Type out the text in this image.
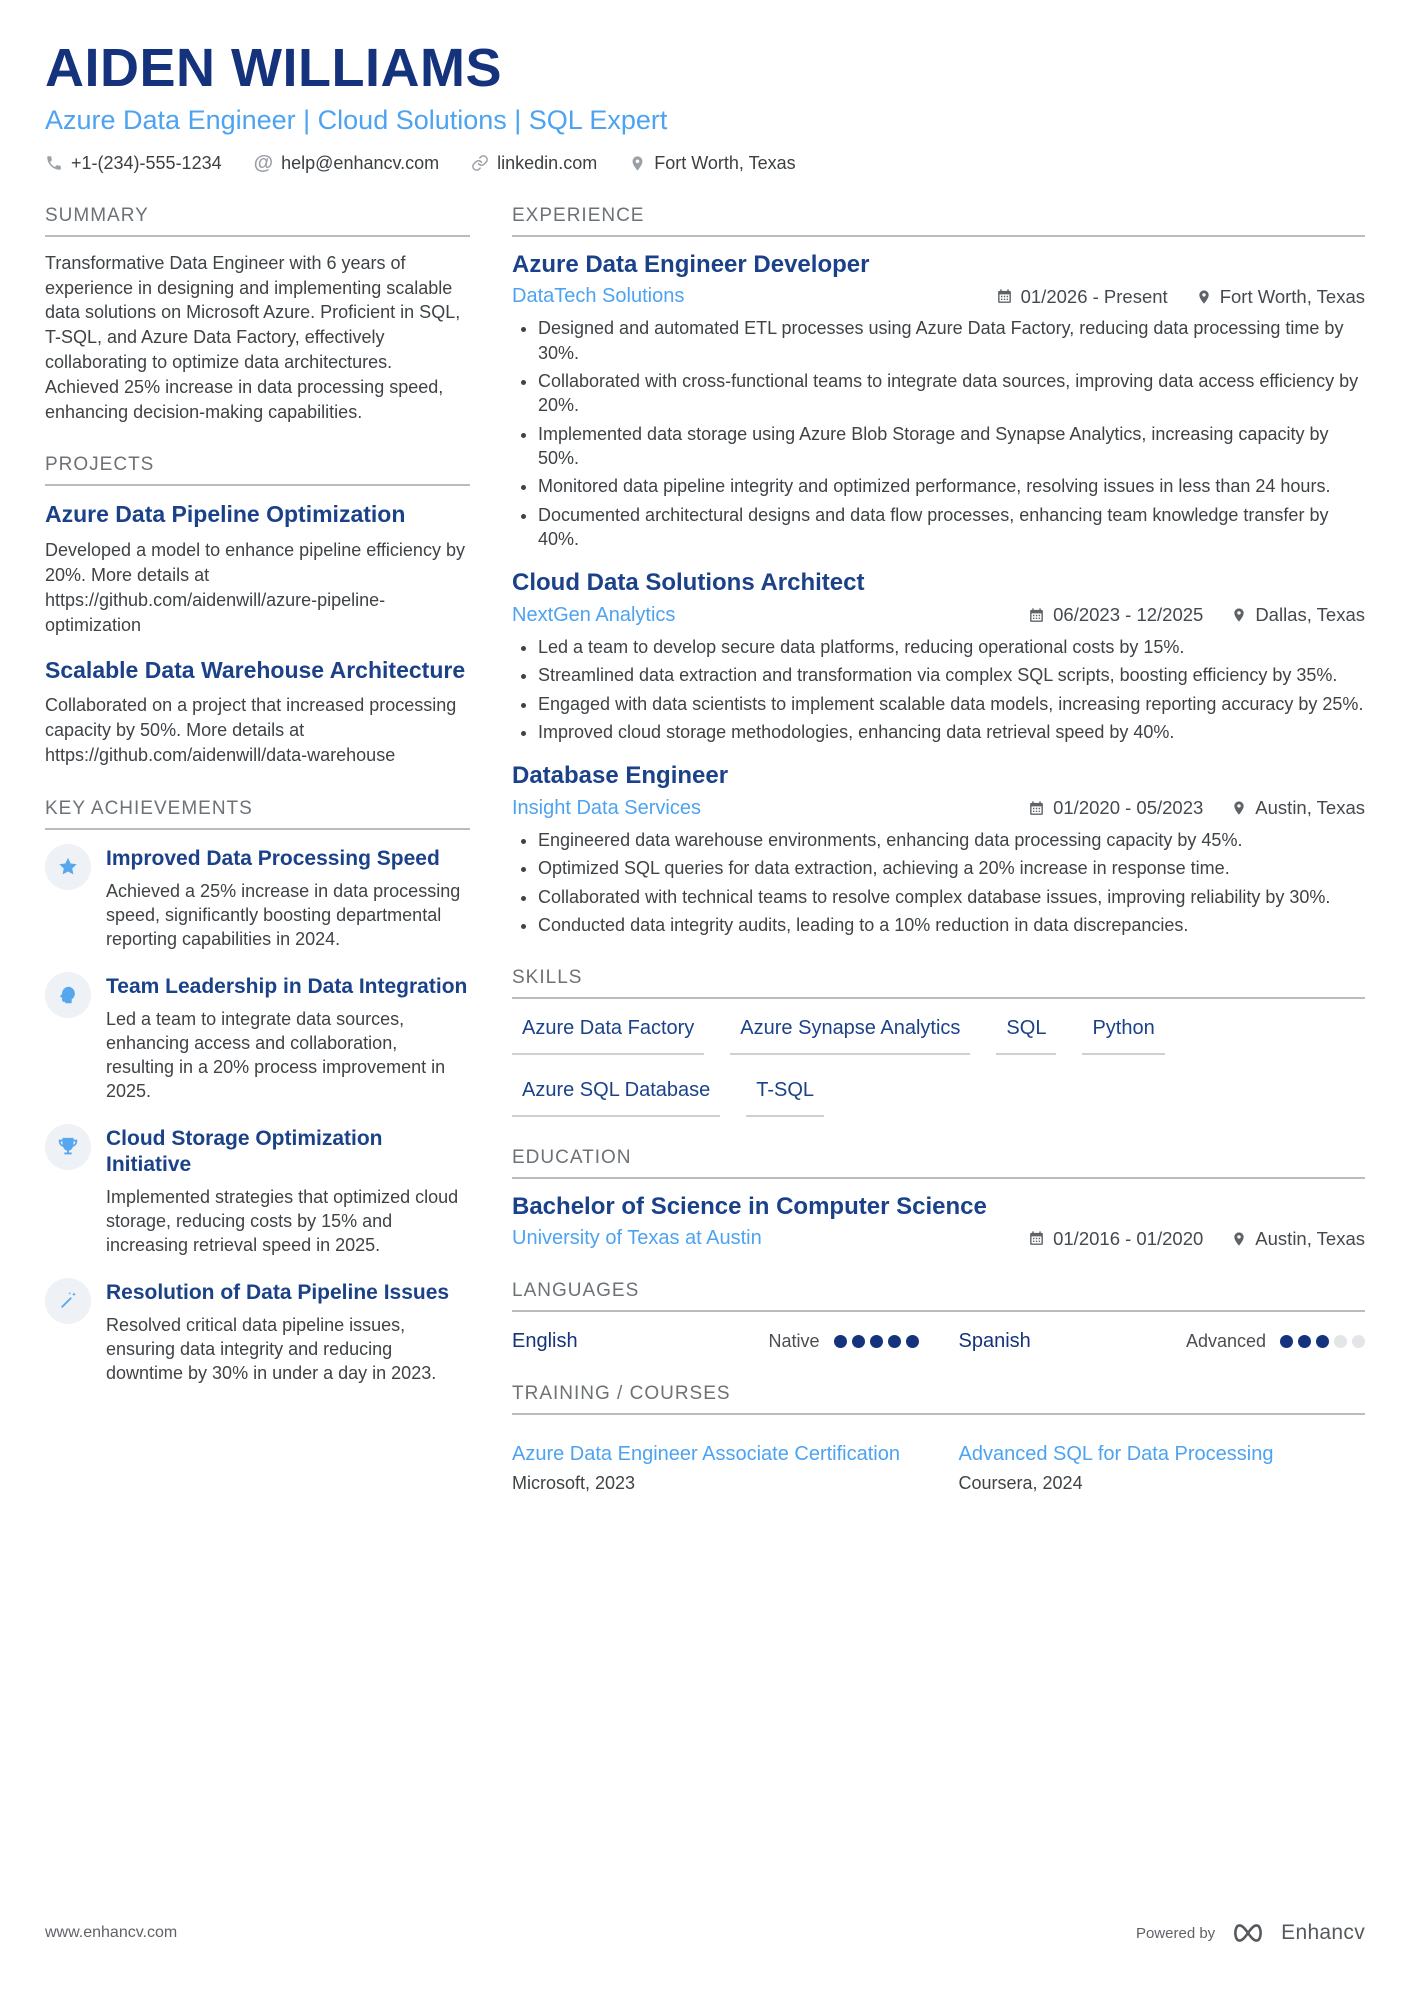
AIDEN WILLIAMS
Azure Data Engineer | Cloud Solutions | SQL Expert
+1-(234)-555-1234 @ help@enhancv.com	linkedin.com	Fort Worth, Texas
SUMMARY
Transformative Data Engineer with 6 years of experience in designing and implementing scalable data solutions on Microsoft Azure. Proficient in SQL, T-SQL, and Azure Data Factory, effectively collaborating to optimize data architectures. Achieved 25% increase in data processing speed, enhancing decision-making capabilities.
PROJECTS
Azure Data Pipeline Optimization
Developed a model to enhance pipeline efficiency by 20%. More details at https://github.com/aidenwill/azure-pipeline-optimization
Scalable Data Warehouse Architecture
Collaborated on a project that increased processing capacity by 50%. More details at https://github.com/aidenwill/data-warehouse
KEY ACHIEVEMENTS
Improved Data Processing Speed
Achieved a 25% increase in data processing speed, significantly boosting departmental reporting capabilities in 2024.
Team Leadership in Data Integration
Led a team to integrate data sources, enhancing access and collaboration, resulting in a 20% process improvement in 2025.
Cloud Storage Optimization Initiative
Implemented strategies that optimized cloud storage, reducing costs by 15% and increasing retrieval speed in 2025.
Resolution of Data Pipeline Issues
Resolved critical data pipeline issues, ensuring data integrity and reducing downtime by 30% in under a day in 2023.
EXPERIENCE
Azure Data Engineer Developer
DataTech Solutions	01/2026 - Present	Fort Worth, Texas
• Designed and automated ETL processes using Azure Data Factory, reducing data processing time by 30%.
• Collaborated with cross-functional teams to integrate data sources, improving data access efficiency by 20%.
• Implemented data storage using Azure Blob Storage and Synapse Analytics, increasing capacity by 50%.
• Monitored data pipeline integrity and optimized performance, resolving issues in less than 24 hours.
• Documented architectural designs and data flow processes, enhancing team knowledge transfer by 40%.
Cloud Data Solutions Architect
NextGen Analytics	06/2023 - 12/2025	Dallas, Texas
• Led a team to develop secure data platforms, reducing operational costs by 15%.
• Streamlined data extraction and transformation via complex SQL scripts, boosting efficiency by 35%.
• Engaged with data scientists to implement scalable data models, increasing reporting accuracy by 25%.
• Improved cloud storage methodologies, enhancing data retrieval speed by 40%.
Database Engineer
Insight Data Services	01/2020 - 05/2023	Austin, Texas
• Engineered data warehouse environments, enhancing data processing capacity by 45%.
• Optimized SQL queries for data extraction, achieving a 20% increase in response time.
• Collaborated with technical teams to resolve complex database issues, improving reliability by 30%.
• Conducted data integrity audits, leading to a 10% reduction in data discrepancies.
SKILLS
Azure Data Factory	Azure Synapse Analytics	SQL	Python
Azure SQL Database	T-SQL
EDUCATION
Bachelor of Science in Computer Science
University of Texas at Austin	01/2016 - 01/2020	Austin, Texas
LANGUAGES
English	Native	Spanish	Advanced
TRAINING / COURSES
Azure Data Engineer Associate Certification
Microsoft, 2023
Advanced SQL for Data Processing
Coursera, 2024
www.enhancv.com	Powered by	Enhancv
